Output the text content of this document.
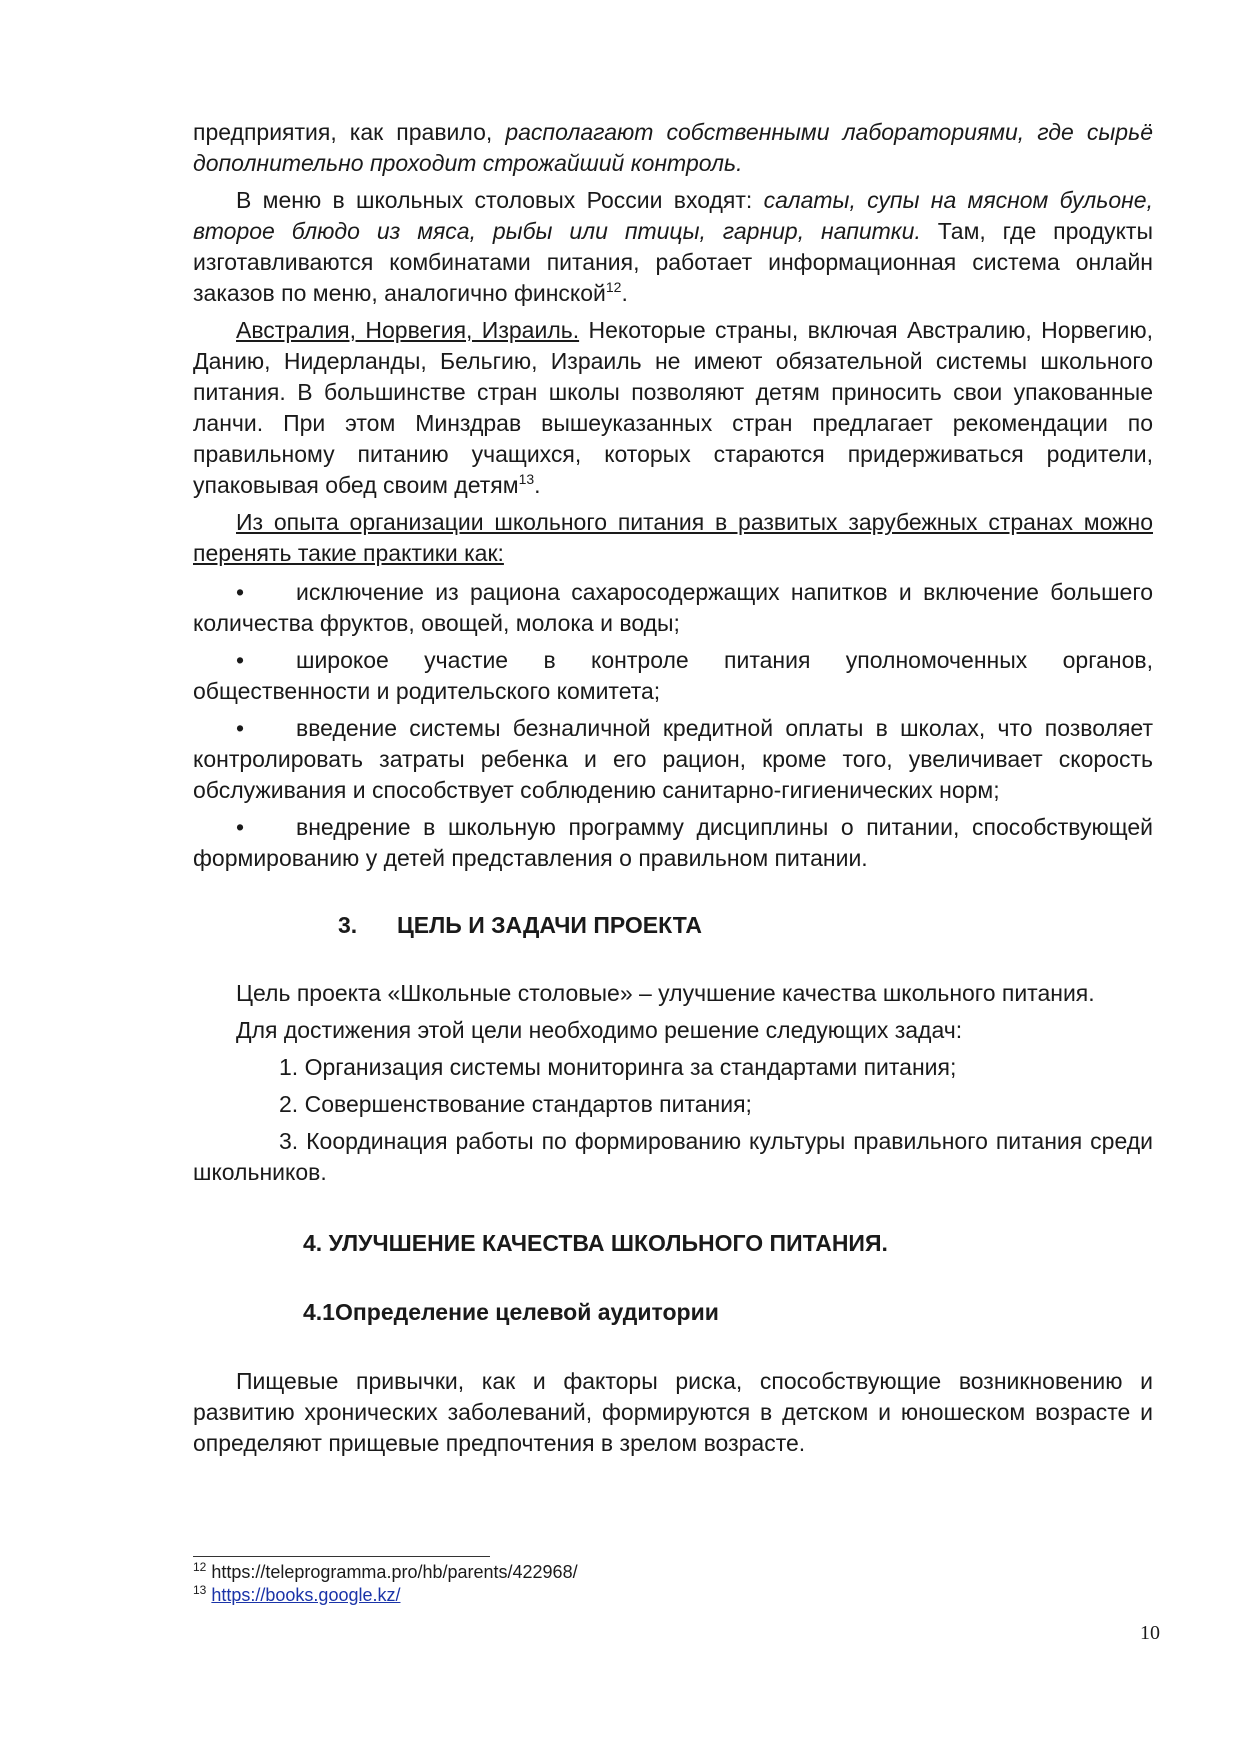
предприятия, как правило, располагают собственными лабораториями, где сырьё дополнительно проходит строжайший контроль.

В меню в школьных столовых России входят: салаты, супы на мясном бульоне, второе блюдо из мяса, рыбы или птицы, гарнир, напитки. Там, где продукты изготавливаются комбинатами питания, работает информационная система онлайн заказов по меню, аналогично финской$^{12}$.

Австралия, Норвегия, Израиль. Некоторые страны, включая Австралию, Норвегию, Данию, Нидерланды, Бельгию, Израиль не имеют обязательной системы школьного питания. В большинстве стран школы позволяют детям приносить свои упакованные ланчи. При этом Минздрав вышеуказанных стран предлагает рекомендации по правильному питанию учащихся, которых стараются придерживаться родители, упаковывая обед своим детям$^{13}$.

Из опыта организации школьного питания в развитых зарубежных странах можно перенять такие практики как:

• исключение из рациона сахаросодержащих напитков и включение большего количества фруктов, овощей, молока и воды;

• широкое участие в контроле питания уполномоченных органов, общественности и родительского комитета;

• введение системы безналичной кредитной оплаты в школах, что позволяет контролировать затраты ребенка и его рацион, кроме того, увеличивает скорость обслуживания и способствует соблюдению санитарно-гигиенических норм;

• внедрение в школьную программу дисциплины о питании, способствующей формированию у детей представления о правильном питании.

3. ЦЕЛЬ И ЗАДАЧИ ПРОЕКТА

Цель проекта «Школьные столовые» – улучшение качества школьного питания.

Для достижения этой цели необходимо решение следующих задач:

1. Организация системы мониторинга за стандартами питания;

2. Совершенствование стандартов питания;

3. Координация работы по формированию культуры правильного питания среди школьников.

4. УЛУЧШЕНИЕ КАЧЕСТВА ШКОЛЬНОГО ПИТАНИЯ.
4.1Определение целевой аудитории

Пищевые привычки, как и факторы риска, способствующие возникновению и развитию хронических заболеваний, формируются в детском и юношеском возрасте и определяют прищевые предпочтения в зрелом возрасте.

$^{12}$ https://teleprogramma.pro/hb/parents/422968/
$^{13}$ https://books.google.kz/
10
